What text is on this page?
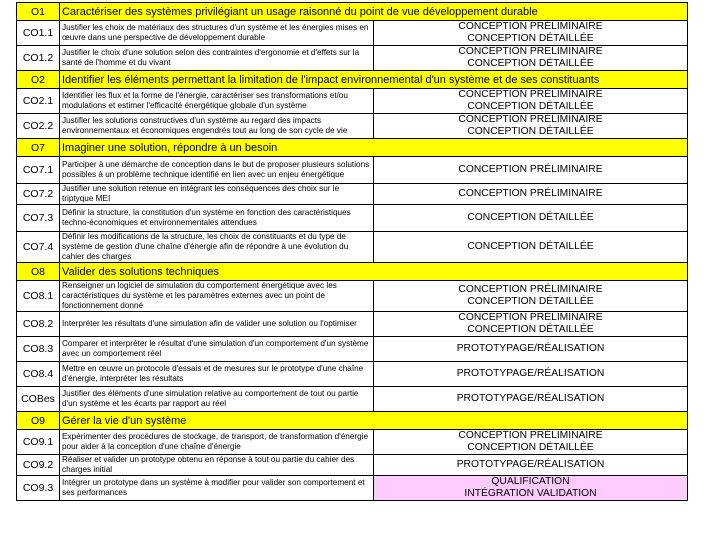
O1	Caractériser des systèmes privilégiant un usage raisonné du point de vue développement durable	
CO1.1	Justifier les choix de matériaux des structures d'un système et les énergies mises en œuvre dans une perspective de développement durable	CONCEPTION PRÉLIMINAIRE
CONCEPTION DÉTAILLÉE

CO1.2	Justifier le choix d'une solution selon des contraintes d'ergonomie et d'effets sur la santé de l'homme et du vivant	CONCEPTION PRÉLIMINAIRE
CONCEPTION DÉTAILLÉE

O2	Identifier les éléments permettant la limitation de l'impact environnemental d'un système et de ses constituants	
CO2.1	Identifier les flux et la forme de l'énergie, caractériser ses transformations et/ou modulations et estimer l'efficacité énergétique globale d'un système	CONCEPTION PRÉLIMINAIRE
CONCEPTION DÉTAILLÉE

CO2.2	Justifier les solutions constructives d'un système au regard des impacts environnementaux et économiques engendrés tout au long de son cycle de vie	CONCEPTION PRÉLIMINAIRE
CONCEPTION DÉTAILLÉE

O7	Imaginer une solution, répondre à un besoin	
CO7.1	Participer à une démarche de conception dans le but de proposer plusieurs solutions possibles à un problème technique identifié en lien avec un enjeu énergétique	CONCEPTION PRÉLIMINAIRE

CO7.2	Justifier une solution retenue en intégrant les conséquences des choix sur le triptyque MEI	CONCEPTION PRÉLIMINAIRE

CO7.3	Définir la structure, la constitution d'un système en fonction des caractéristiques techno-économiques et environnementales attendues	CONCEPTION DÉTAILLÉE

CO7.4	Définir les modifications de la structure, les choix de constituants et du type de système de gestion d'une chaîne d'énergie afin de répondre à une évolution du cahier des charges	CONCEPTION DÉTAILLÉE

O8	Valider des solutions techniques	
CO8.1	Renseigner un logiciel de simulation du comportement énergétique avec les caractéristiques du système et les paramètres externes avec un point de fonctionnement donné	CONCEPTION PRÉLIMINAIRE
CONCEPTION DÉTAILLÉE

CO8.2	Interpréter les résultats d'une simulation afin de valider une solution ou l'optimiser	CONCEPTION PRÉLIMINAIRE
CONCEPTION DÉTAILLÉE

CO8.3	Comparer et interpréter le résultat d'une simulation d'un comportement d'un système avec un comportement réel	PROTOTYPAGE/RÉALISATION

CO8.4	Mettre en œuvre un protocole d'essais et de mesures sur le prototype d'une chaîne d'énergie, interpréter les résultats	PROTOTYPAGE/RÉALISATION

COBes	Justifier des éléments d'une simulation relative au comportement de tout ou partie d'un système et les écarts par rapport au réel	PROTOTYPAGE/RÉALISATION

O9	Gérer la vie d'un système	
CO9.1	Expérimenter des procédures de stockage, de transport, de transformation d'énergie pour aider à la conception d'une chaîne d'énergie	CONCEPTION PRÉLIMINAIRE
CONCEPTION DÉTAILLÉE

CO9.2	Réaliser et valider un prototype obtenu en réponse à tout ou partie du cahier des charges initial	PROTOTYPAGE/RÉALISATION

CO9.3	Intégrer un prototype dans un système à modifier pour valider son comportement et ses performances	QUALIFICATION
INTÉGRATION VALIDATION
